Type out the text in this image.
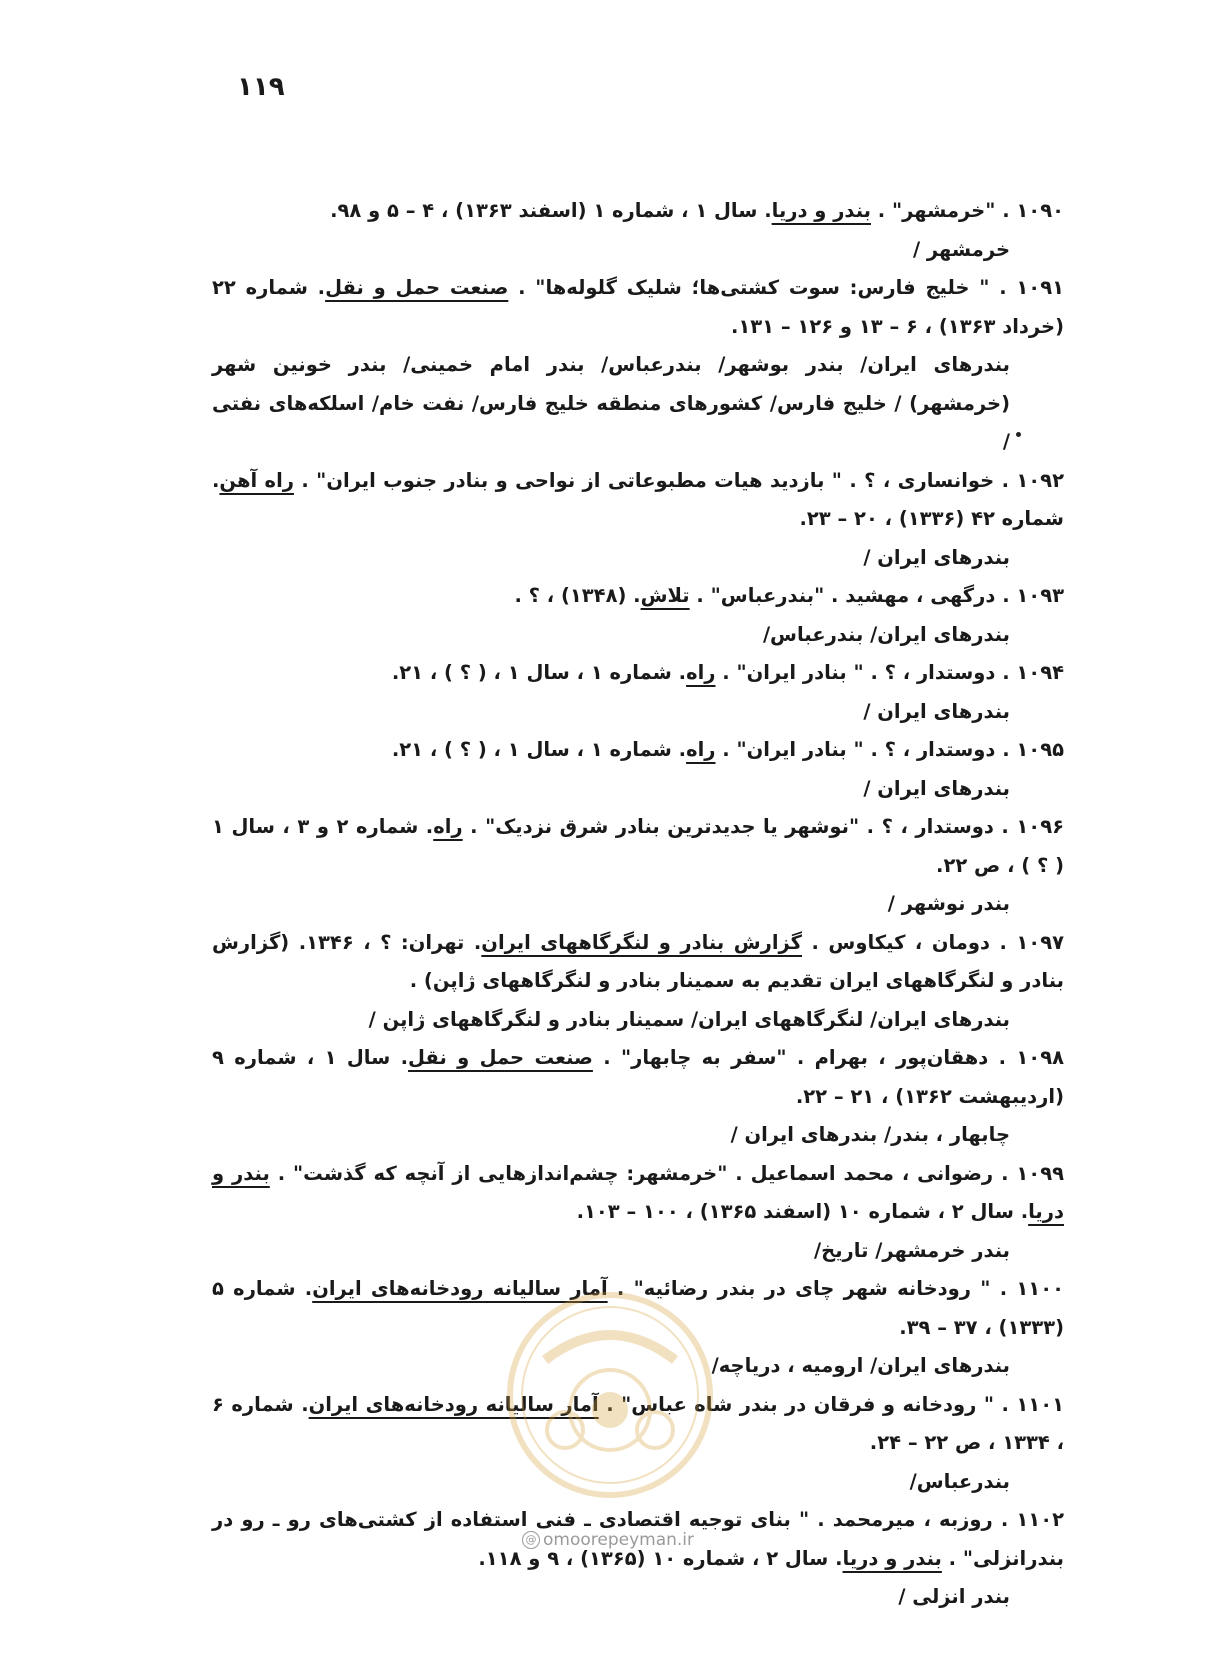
۱۱۹
۱۰۹۰ . "خرمشهر" . بندر و دریا. سال ۱ ، شماره ۱ (اسفند ۱۳۶۳) ، ۴ – ۵ و ۹۸.
خرمشهر /
۱۰۹۱ . " خلیج فارس: سوت کشتی‌ها؛ شلیک گلوله‌ها" . صنعت حمل و نقل. شماره ۲۲ (خرداد ۱۳۶۳) ، ۶ – ۱۳ و ۱۲۶ – ۱۳۱.
بندرهای ایران/ بندر بوشهر/ بندرعباس/ بندر امام خمینی/ بندر خونین شهر (خرمشهر) / خلیج فارس/ کشورهای منطقه خلیج فارس/ نفت خام/ اسلکه‌های نفتی /
۱۰۹۲ . خوانساری ، ؟ . " بازدید هیات مطبوعاتی از نواحی و بنادر جنوب ایران" . راه آهن. شماره ۴۲ (۱۳۳۶) ، ۲۰ – ۲۳.
بندرهای ایران /
۱۰۹۳ . درگهی ، مهشید . "بندرعباس" . تلاش. (۱۳۴۸) ، ؟ .
بندرهای ایران/ بندرعباس/
۱۰۹۴ . دوستدار ، ؟ . " بنادر ایران" . راه. شماره ۱ ، سال ۱ ، ( ؟ ) ، ۲۱.
بندرهای ایران /
۱۰۹۵ . دوستدار ، ؟ . " بنادر ایران" . راه. شماره ۱ ، سال ۱ ، ( ؟ ) ، ۲۱.
بندرهای ایران /
۱۰۹۶ . دوستدار ، ؟ . "نوشهر یا جدیدترین بنادر شرق نزدیک" . راه. شماره ۲ و ۳ ، سال ۱ ( ؟ ) ، ص ۲۲.
بندر نوشهر /
۱۰۹۷ . دومان ، کیکاوس . گزارش بنادر و لنگرگاههای ایران. تهران: ؟ ، ۱۳۴۶. (گزارش بنادر و لنگرگاههای ایران تقدیم به سمینار بنادر و لنگرگاههای ژاپن) .
بندرهای ایران/ لنگرگاههای ایران/ سمینار بنادر و لنگرگاههای ژاپن /
۱۰۹۸ . دهقان‌پور ، بهرام . "سفر به چابهار" . صنعت حمل و نقل. سال ۱ ، شماره ۹ (اردیبهشت ۱۳۶۲) ، ۲۱ – ۲۲.
چابهار ، بندر/ بندرهای ایران /
۱۰۹۹ . رضوانی ، محمد اسماعیل . "خرمشهر: چشم‌اندازهایی از آنچه که گذشت" . بندر و دریا. سال ۲ ، شماره ۱۰ (اسفند ۱۳۶۵) ، ۱۰۰ – ۱۰۳.
بندر خرمشهر/ تاریخ/
۱۱۰۰ . " رودخانه شهر چای در بندر رضائیه" . آمار سالیانه رودخانه‌های ایران. شماره ۵ (۱۳۳۳) ، ۳۷ – ۳۹.
بندرهای ایران/ ارومیه ، دریاچه/
۱۱۰۱ . " رودخانه و فرقان در بندر شاه عباس" . آمار سالیانه رودخانه‌های ایران. شماره ۶ ، ۱۳۳۴ ، ص ۲۲ – ۲۴.
بندرعباس/
۱۱۰۲ . روزبه ، میرمحمد . " بنای توجیه اقتصادی ـ فنی استفاده از کشتی‌های رو ـ رو در بندرانزلی" . بندر و دریا. سال ۲ ، شماره ۱۰ (۱۳۶۵) ، ۹ و ۱۱۸.
بندر انزلی /
@ omoorepeyman.ir
